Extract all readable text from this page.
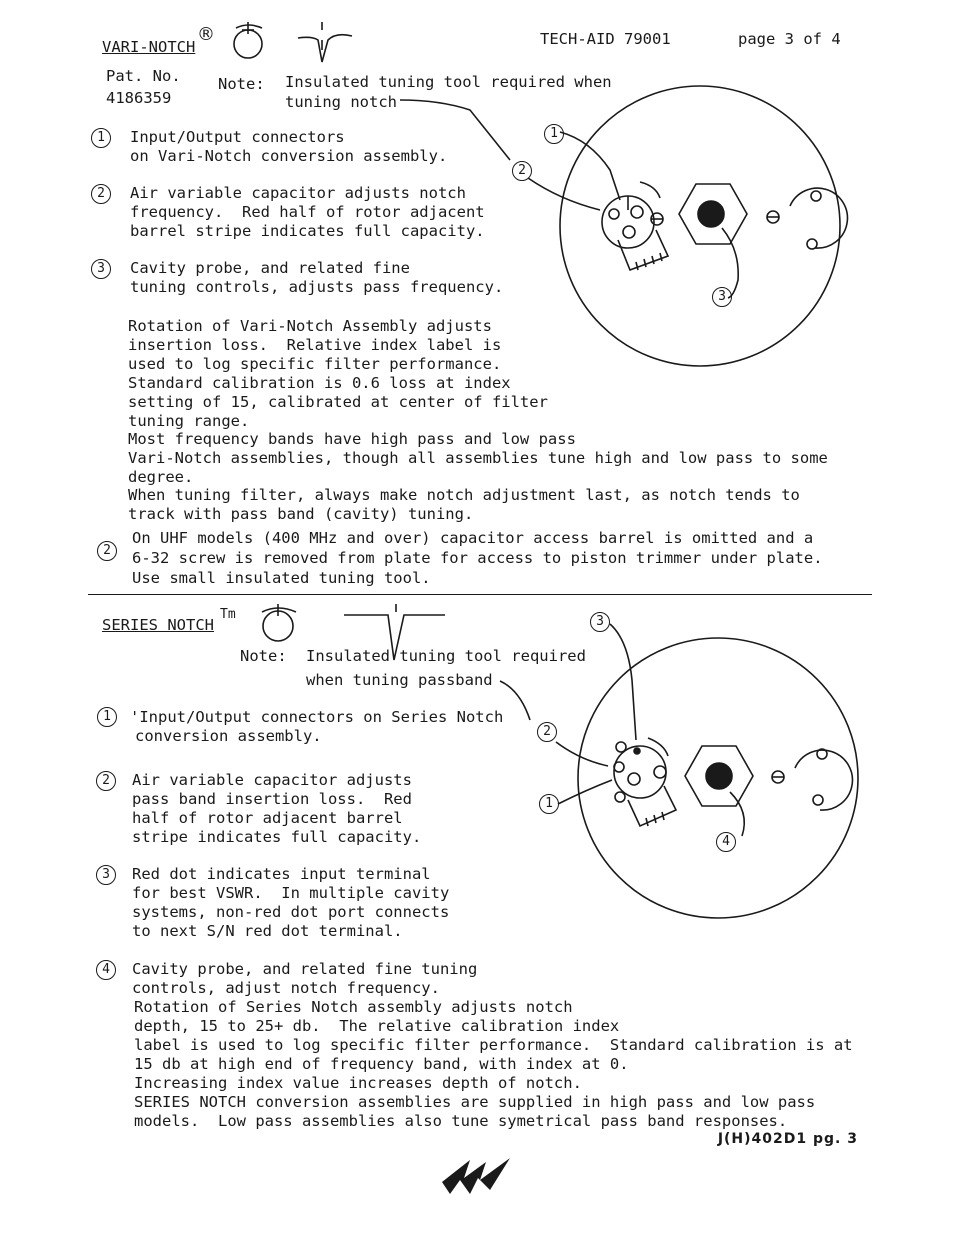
VARI-NOTCH
®	TECH-AID 79001	page 3 of 4
Pat. No.
4186359
Note: Insulated tuning tool required when
tuning notch
1	Input/Output connectors
on Vari-Notch conversion assembly.
2	Air variable capacitor adjusts notch
frequency.  Red half of rotor adjacent
barrel stripe indicates full capacity.
3	Cavity probe, and related fine
tuning controls, adjusts pass frequency.
Rotation of Vari-Notch Assembly adjusts
insertion loss.  Relative index label is
used to log specific filter performance.
Standard calibration is 0.6 loss at index
setting of 15, calibrated at center of filter
tuning range.
Most frequency bands have high pass and low pass
Vari-Notch assemblies, though all assemblies tune high and low pass to some
degree.
When tuning filter, always make notch adjustment last, as notch tends to
track with pass band (cavity) tuning.
2
On UHF models (400 MHz and over) capacitor access barrel is omitted and a
6-32 screw is removed from plate for access to piston trimmer under plate.
Use small insulated tuning tool.
1
2
3
SERIES NOTCH
Tm
Note: Insulated tuning tool required
when tuning passband
1	'Input/Output connectors on Series Notch
conversion assembly.
2	Air variable capacitor adjusts
pass band insertion loss.  Red
half of rotor adjacent barrel
stripe indicates full capacity.
3	Red dot indicates input terminal
for best VSWR.  In multiple cavity
systems, non-red dot port connects
to next S/N red dot terminal.
4	Cavity probe, and related fine tuning
controls, adjust notch frequency.
Rotation of Series Notch assembly adjusts notch
depth, 15 to 25+ db.  The relative calibration index
label is used to log specific filter performance.  Standard calibration is at
15 db at high end of frequency band, with index at 0.
Increasing index value increases depth of notch.
SERIES NOTCH conversion assemblies are supplied in high pass and low pass
models.  Low pass assemblies also tune symetrical pass band responses.
3
2
1
4
J(H)402D1 pg. 3
